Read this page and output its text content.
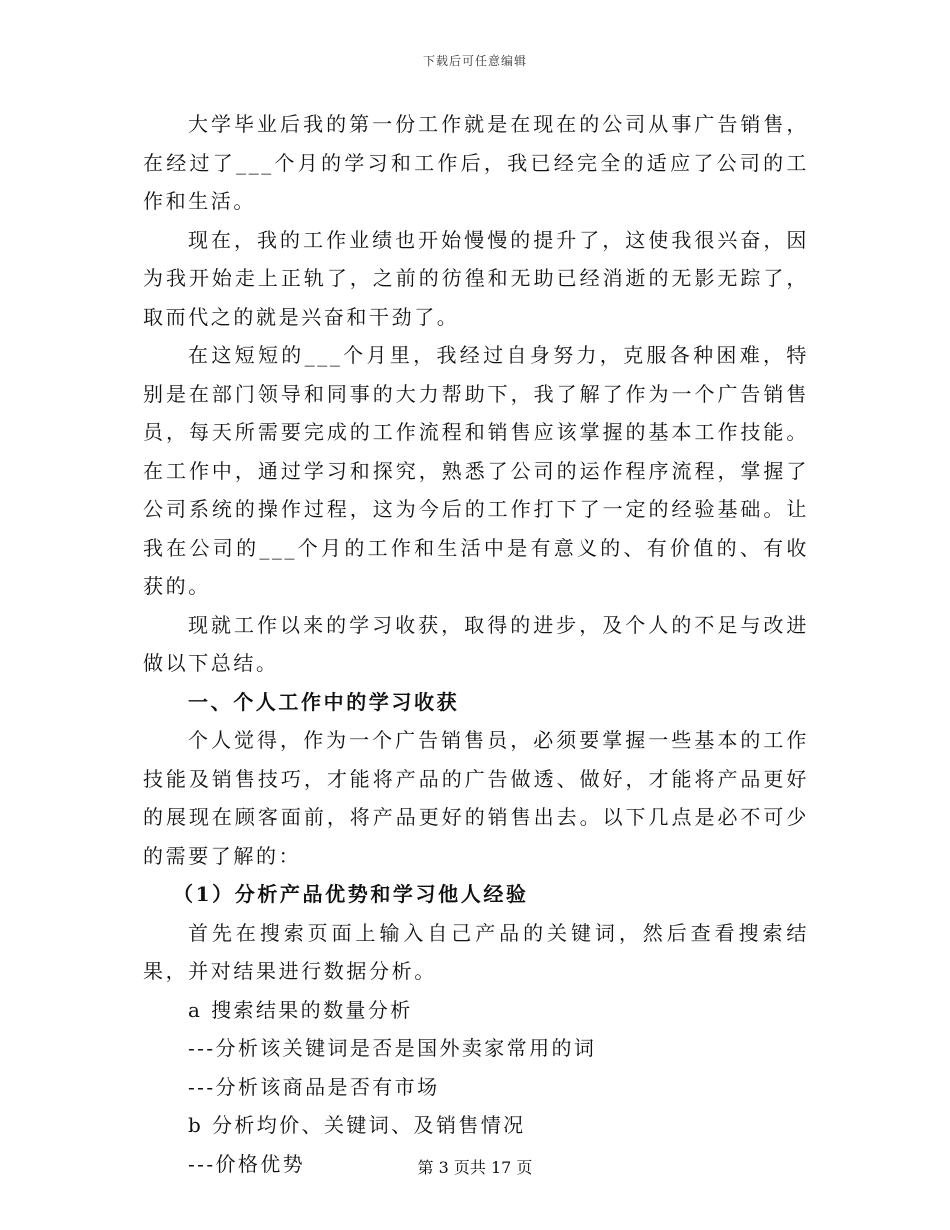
下载后可任意编辑

大学毕业后我的第一份工作就是在现在的公司从事广告销售，在经过了___个月的学习和工作后，我已经完全的适应了公司的工作和生活。

现在，我的工作业绩也开始慢慢的提升了，这使我很兴奋，因为我开始走上正轨了，之前的彷徨和无助已经消逝的无影无踪了，取而代之的就是兴奋和干劲了。

在这短短的___个月里，我经过自身努力，克服各种困难，特别是在部门领导和同事的大力帮助下，我了解了作为一个广告销售员，每天所需要完成的工作流程和销售应该掌握的基本工作技能。在工作中，通过学习和探究，熟悉了公司的运作程序流程，掌握了公司系统的操作过程，这为今后的工作打下了一定的经验基础。让我在公司的___个月的工作和生活中是有意义的、有价值的、有收获的。

现就工作以来的学习收获，取得的进步，及个人的不足与改进做以下总结。

一、个人工作中的学习收获

个人觉得，作为一个广告销售员，必须要掌握一些基本的工作技能及销售技巧，才能将产品的广告做透、做好，才能将产品更好的展现在顾客面前，将产品更好的销售出去。以下几点是必不可少的需要了解的：

（1）分析产品优势和学习他人经验

首先在搜索页面上输入自己产品的关键词，然后查看搜索结果，并对结果进行数据分析。

a 搜索结果的数量分析

---分析该关键词是否是国外卖家常用的词

---分析该商品是否有市场

b 分析均价、关键词、及销售情况

---价格优势	第 3 页共 17 页
